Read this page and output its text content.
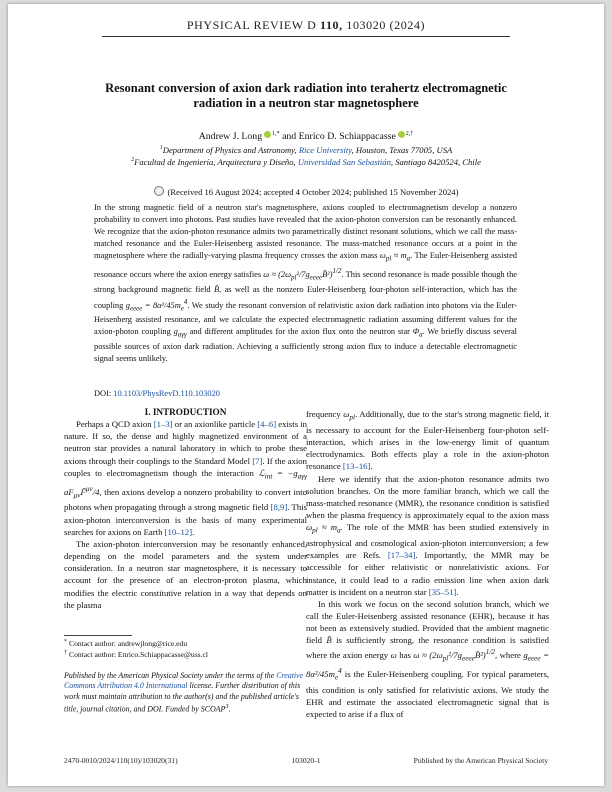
PHYSICAL REVIEW D 110, 103020 (2024)
Resonant conversion of axion dark radiation into terahertz electromagnetic
radiation in a neutron star magnetosphere
Andrew J. Long $^{1,*}$ and Enrico D. Schiappacasse $^{2,\dagger}$
$^1$Department of Physics and Astronomy, Rice University, Houston, Texas 77005, USA
$^2$Facultad de Ingeniería, Arquitectura y Diseño, Universidad San Sebastián, Santiago 8420524, Chile
(Received 16 August 2024; accepted 4 October 2024; published 15 November 2024)
In the strong magnetic field of a neutron star's magnetosphere, axions coupled to electromagnetism develop a nonzero probability to convert into photons. Past studies have revealed that the axion-photon conversion can be resonantly enhanced. We recognize that the axion-photon resonance admits two parametrically distinct resonant solutions, which we call the mass-matched resonance and the Euler-Heisenberg assisted resonance. The mass-matched resonance occurs at a point in the magnetosphere where the radially-varying plasma frequency crosses the axion mass $\omega_{pl} \approx m_a$. The Euler-Heisenberg assisted resonance occurs where the axion energy satisfies $\omega \approx (2\omega_{pl}^2/7g_{eeee}B̄^2)^{1/2}$. This second resonance is made possible though the strong background magnetic field B̄, as well as the nonzero Euler-Heisenberg four-photon self-interaction, which has the coupling $g_{eeee} = 8\alpha^2/45m_e^4$. We study the resonant conversion of relativistic axion dark radiation into photons via the Euler-Heisenberg assisted resonance, and we calculate the expected electromagnetic radiation assuming different values for the axion-photon coupling $g_{a\gamma\gamma}$ and different amplitudes for the axion flux onto the neutron star $\Phi_a$. We briefly discuss several possible sources of axion dark radiation. Achieving a sufficiently strong axion flux to induce a detectable electromagnetic signal seems unlikely.
DOI: 10.1103/PhysRevD.110.103020

I. INTRODUCTION

Perhaps a QCD axion [1–3] or an axionlike particle [4–6] exists in nature. If so, the dense and highly magnetized environment of a neutron star provides a natural laboratory in which to probe these axions through their couplings to the Standard Model [7]. If the axion couples to electromagnetism though the interaction ℒ$_{int}$ = $-g_{a\gamma\gamma}$ $aF_{\mu\nu}F̃^{\mu\nu}/4$, then axions develop a nonzero probability to convert into photons when propagating through a strong magnetic field [8,9]. This axion-photon interconversion is the basis of many experimental searches for axions on Earth [10–12].

The axion-photon interconversion may be resonantly enhanced, depending on the model parameters and the system under consideration. In a neutron star magnetosphere, it is necessary to account for the presence of an electron-proton plasma, which modifies the electric constitutive relation in a way that depends on the plasma

* Contact author: andrewjlong@rice.edu
† Contact author: Enrico.Schiappacasse@uss.cl
Published by the American Physical Society under the terms of the Creative Commons Attribution 4.0 International license. Further distribution of this work must maintain attribution to the author(s) and the published article's title, journal citation, and DOI. Funded by SCOAP$^3$.

frequency $\omega_{pl}$. Additionally, due to the star's strong magnetic field, it is necessary to account for the Euler-Heisenberg four-photon self-interaction, which arises in the low-energy limit of quantum electrodynamics. Both effects play a role in the axion-photon resonance [13–16].

Here we identify that the axion-photon resonance admits two solution branches. On the more familiar branch, which we call the mass-matched resonance (MMR), the resonance condition is satisfied when the plasma frequency is approximately equal to the axion mass $\omega_{pl} \approx m_a$. The role of the MMR has been studied extensively in astrophysical and cosmological axion-photon interconversion; a few examples are Refs. [17–34]. Importantly, the MMR may be accessible for either relativistic or nonrelativistic axions. For instance, it could lead to a radio emission line when axion dark matter is incident on a neutron star [35–51].

In this work we focus on the second solution branch, which we call the Euler-Heisenberg assisted resonance (EHR), because it has not been as extensively studied. Provided that the ambient magnetic field B̄ is sufficiently strong, the resonance condition is satisfied where the axion energy ω has $\omega \approx (2\omega_{pl}^2/7g_{eeee}B̄^2)^{1/2}$, where $g_{eeee} = 8\alpha^2/45m_e^4$ is the Euler-Heisenberg coupling. For typical parameters, this condition is only satisfied for relativistic axions. We study the EHR and estimate the associated electromagnetic signal that is expected to arise if a flux of

2470-0010/2024/110(10)/103020(31)	103020-1	Published by the American Physical Society
